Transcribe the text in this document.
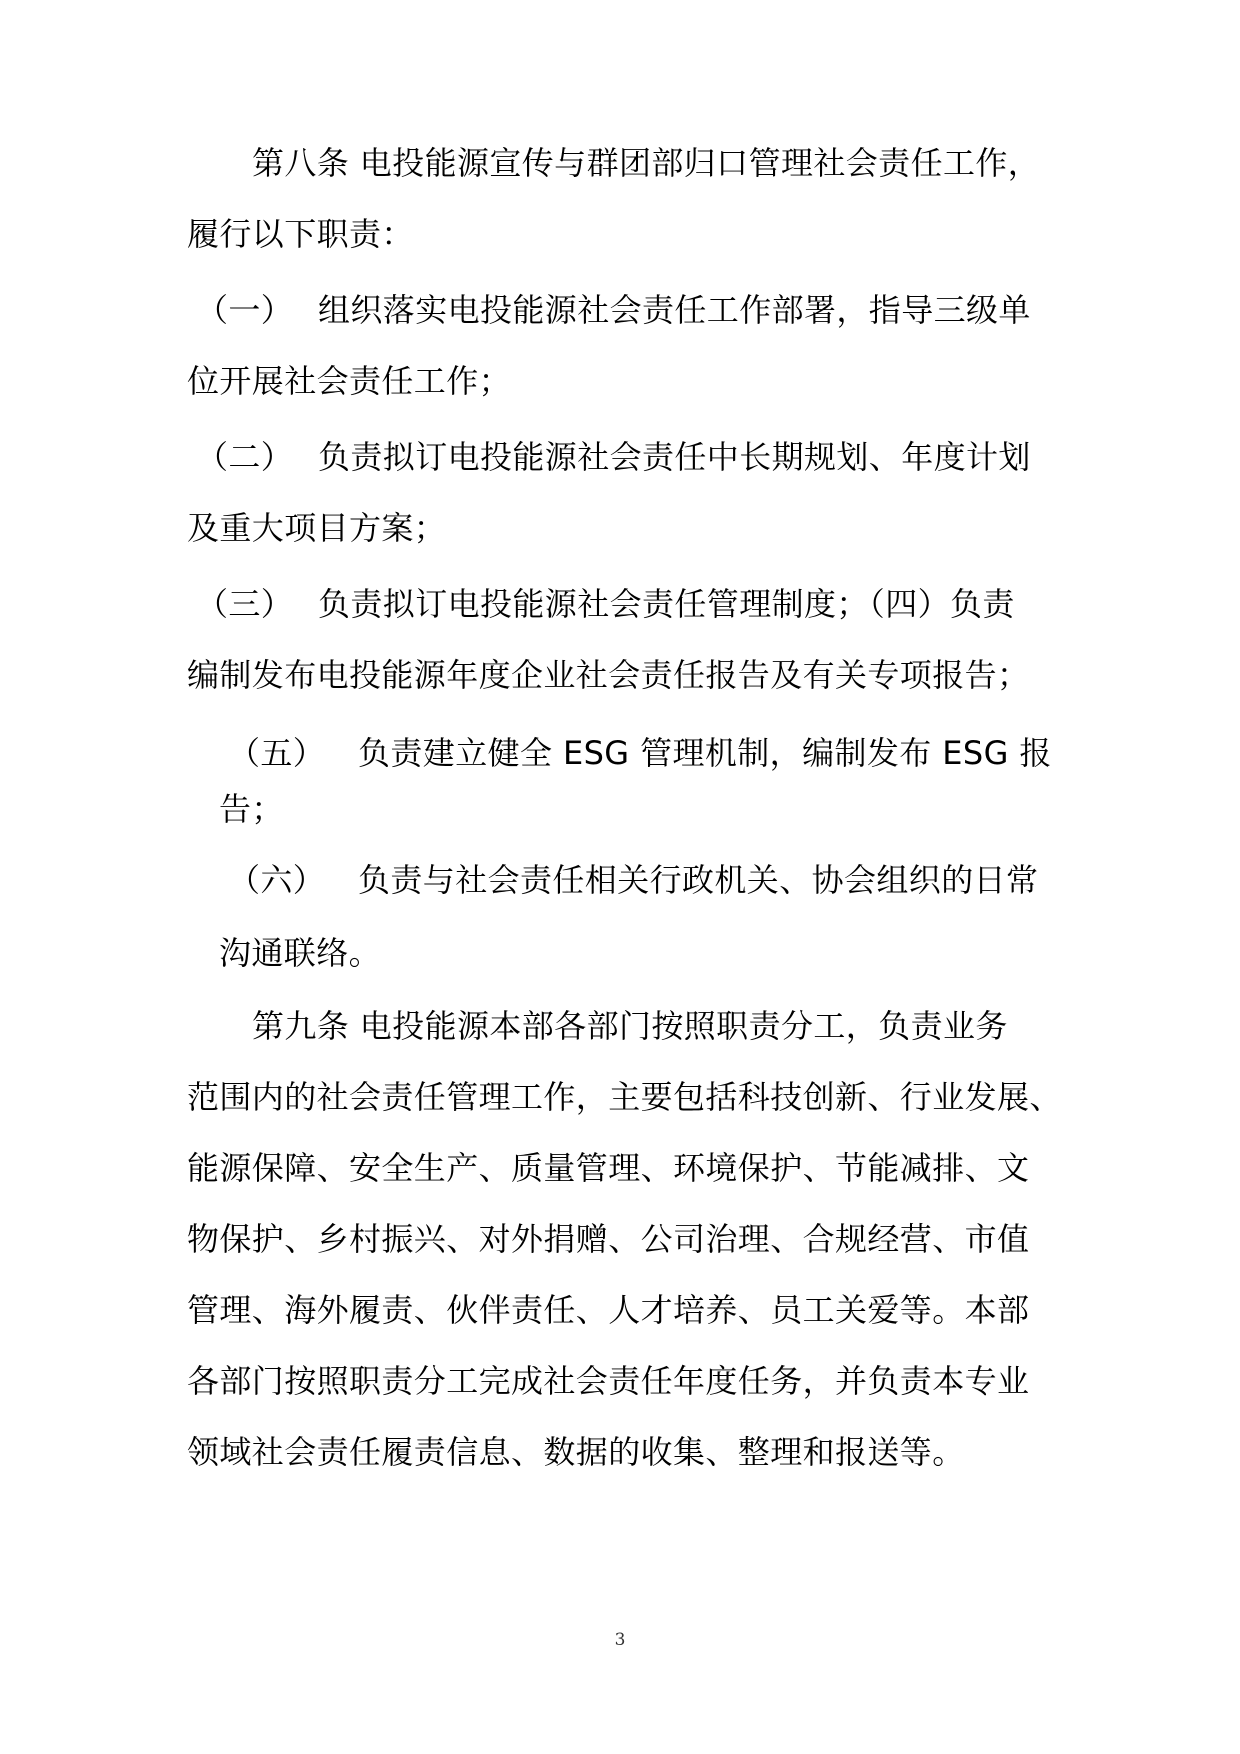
第八条 电投能源宣传与群团部归口管理社会责任工作，
履行以下职责：
（一） 组织落实电投能源社会责任工作部署，指导三级单
位开展社会责任工作；
（二） 负责拟订电投能源社会责任中长期规划、年度计划
及重大项目方案；
（三） 负责拟订电投能源社会责任管理制度；（四）负责
编制发布电投能源年度企业社会责任报告及有关专项报告；
（五） 负责建立健全 ESG 管理机制，编制发布 ESG 报
告；
（六） 负责与社会责任相关行政机关、协会组织的日常
沟通联络。
第九条 电投能源本部各部门按照职责分工，负责业务
范围内的社会责任管理工作，主要包括科技创新、行业发展、
能源保障、安全生产、质量管理、环境保护、节能减排、文
物保护、乡村振兴、对外捐赠、公司治理、合规经营、市值
管理、海外履责、伙伴责任、人才培养、员工关爱等。本部
各部门按照职责分工完成社会责任年度任务，并负责本专业
领域社会责任履责信息、数据的收集、整理和报送等。
3
